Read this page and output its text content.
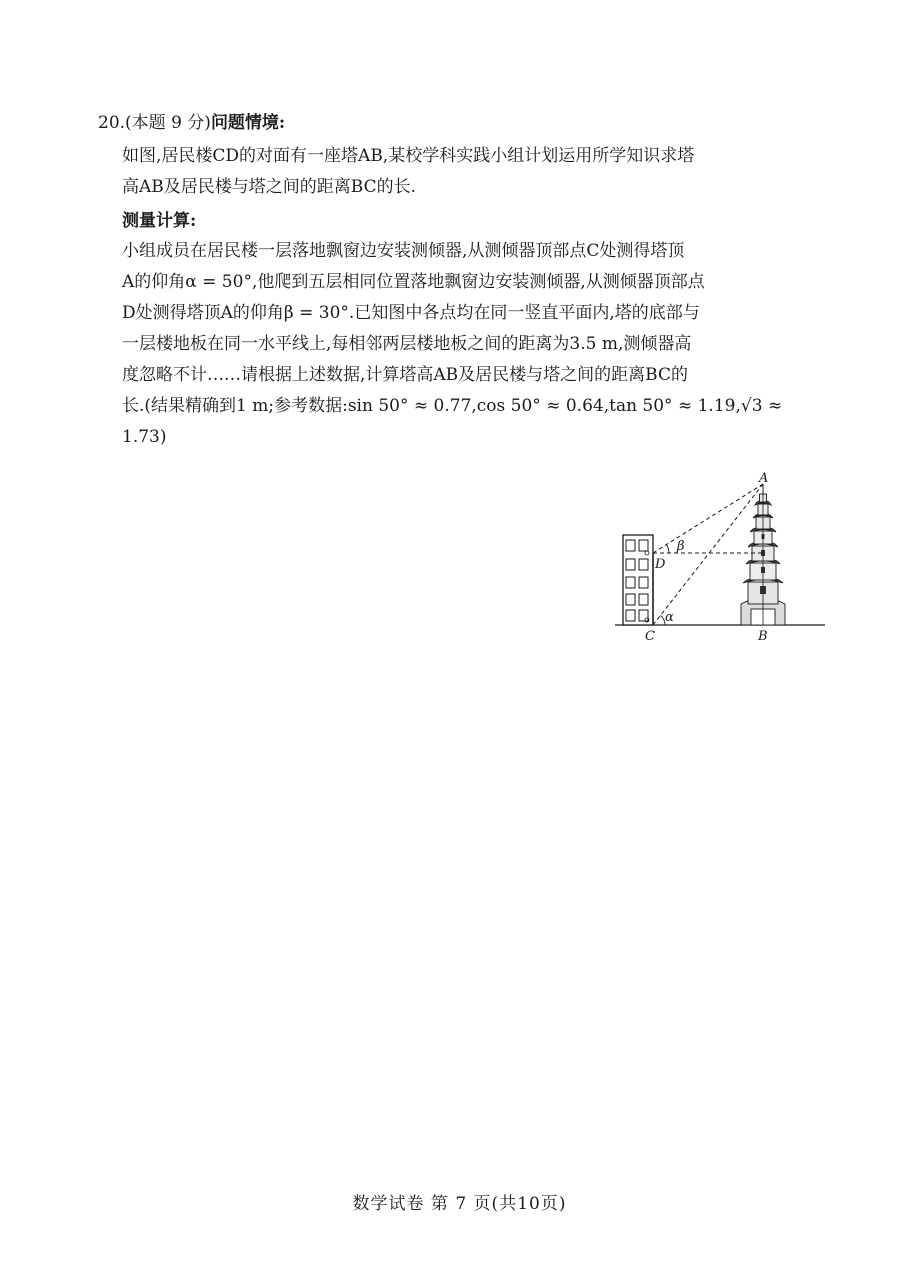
20.(本题 9 分)问题情境:
如图,居民楼CD的对面有一座塔AB,某校学科实践小组计划运用所学知识求塔
高AB及居民楼与塔之间的距离BC的长.
测量计算:
小组成员在居民楼一层落地飘窗边安装测倾器,从测倾器顶部点C处测得塔顶
A的仰角α = 50°,他爬到五层相同位置落地飘窗边安装测倾器,从测倾器顶部点
D处测得塔顶A的仰角β = 30°.已知图中各点均在同一竖直平面内,塔的底部与
一层楼地板在同一水平线上,每相邻两层楼地板之间的距离为3.5 m,测倾器高
度忽略不计……请根据上述数据,计算塔高AB及居民楼与塔之间的距离BC的
长.(结果精确到1 m;参考数据:sin 50° ≈ 0.77,cos 50° ≈ 0.64,tan 50° ≈ 1.19,√3 ≈
1.73)
A
B
C
D
α
β
数学试卷 第 7 页(共10页)
